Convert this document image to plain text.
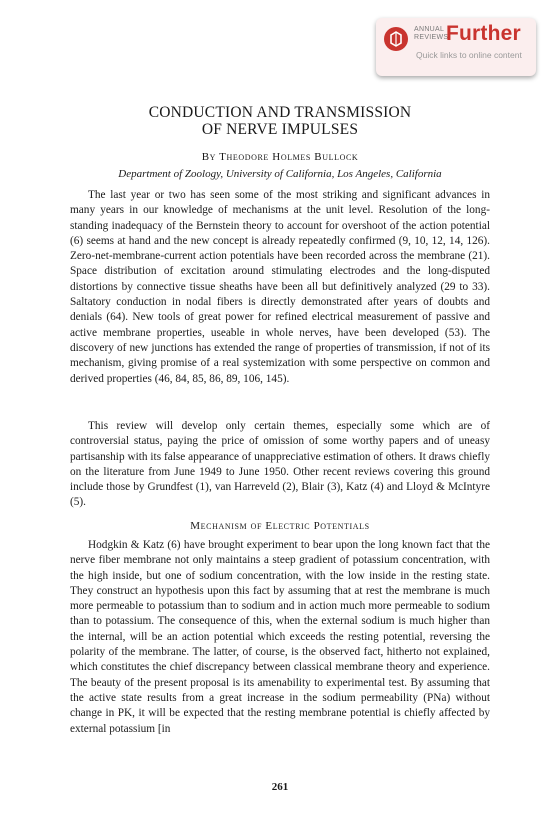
ANNUAL
REVIEWS
Further
Quick links to online content
CONDUCTION AND TRANSMISSION
OF NERVE IMPULSES
By Theodore Holmes Bullock
Department of Zoology, University of California, Los Angeles, California

The last year or two has seen some of the most striking and significant advances in many years in our knowledge of mechanisms at the unit level. Resolution of the long-standing inadequacy of the Bernstein theory to account for overshoot of the action potential (6) seems at hand and the new concept is already repeatedly confirmed (9, 10, 12, 14, 126). Zero-net-membrane-current action potentials have been recorded across the membrane (21). Space distribution of excitation around stimulating electrodes and the long-disputed distortions by connective tissue sheaths have been all but definitively analyzed (29 to 33). Saltatory conduction in nodal fibers is directly demonstrated after years of doubts and denials (64). New tools of great power for refined electrical measurement of passive and active membrane properties, useable in whole nerves, have been developed (53). The discovery of new junctions has extended the range of properties of transmission, if not of its mechanism, giving promise of a real systemization with some perspective on common and derived properties (46, 84, 85, 86, 89, 106, 145).

This review will develop only certain themes, especially some which are of controversial status, paying the price of omission of some worthy papers and of uneasy partisanship with its false appearance of unappreciative estimation of others. It draws chiefly on the literature from June 1949 to June 1950. Other recent reviews covering this ground include those by Grundfest (1), van Harreveld (2), Blair (3), Katz (4) and Lloyd & McIntyre (5).

Mechanism of Electric Potentials

Hodgkin & Katz (6) have brought experiment to bear upon the long known fact that the nerve fiber membrane not only maintains a steep gradient of potassium concentration, with the high inside, but one of sodium concentration, with the low inside in the resting state. They construct an hypothesis upon this fact by assuming that at rest the membrane is much more permeable to potassium than to sodium and in action much more permeable to sodium than to potassium. The consequence of this, when the external sodium is much higher than the internal, will be an action potential which exceeds the resting potential, reversing the polarity of the membrane. The latter, of course, is the observed fact, hitherto not explained, which constitutes the chief discrepancy between classical membrane theory and experience. The beauty of the present proposal is its amenability to experimental test. By assuming that the active state results from a great increase in the sodium permeability (PNa) without change in PK, it will be expected that the resting membrane potential is chiefly affected by external potassium [in

261
